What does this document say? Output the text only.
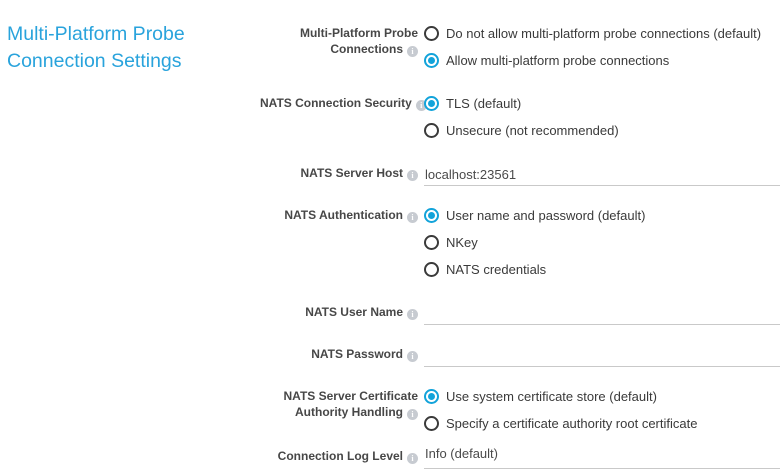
Multi-Platform Probe
Connection Settings
Multi-Platform Probe
Connections i
Do not allow multi-platform probe connections (default)
Allow multi-platform probe connections
NATS Connection Security i TLS (default)
Unsecure (not recommended)
NATS Server Host i
localhost:23561
NATS Authentication i	User name and password (default)
NKey
NATS credentials
NATS User Name i
NATS Password i
NATS Server Certificate
Authority Handling i
Use system certificate store (default)
Specify a certificate authority root certificate
Connection Log Level i Info (default)
